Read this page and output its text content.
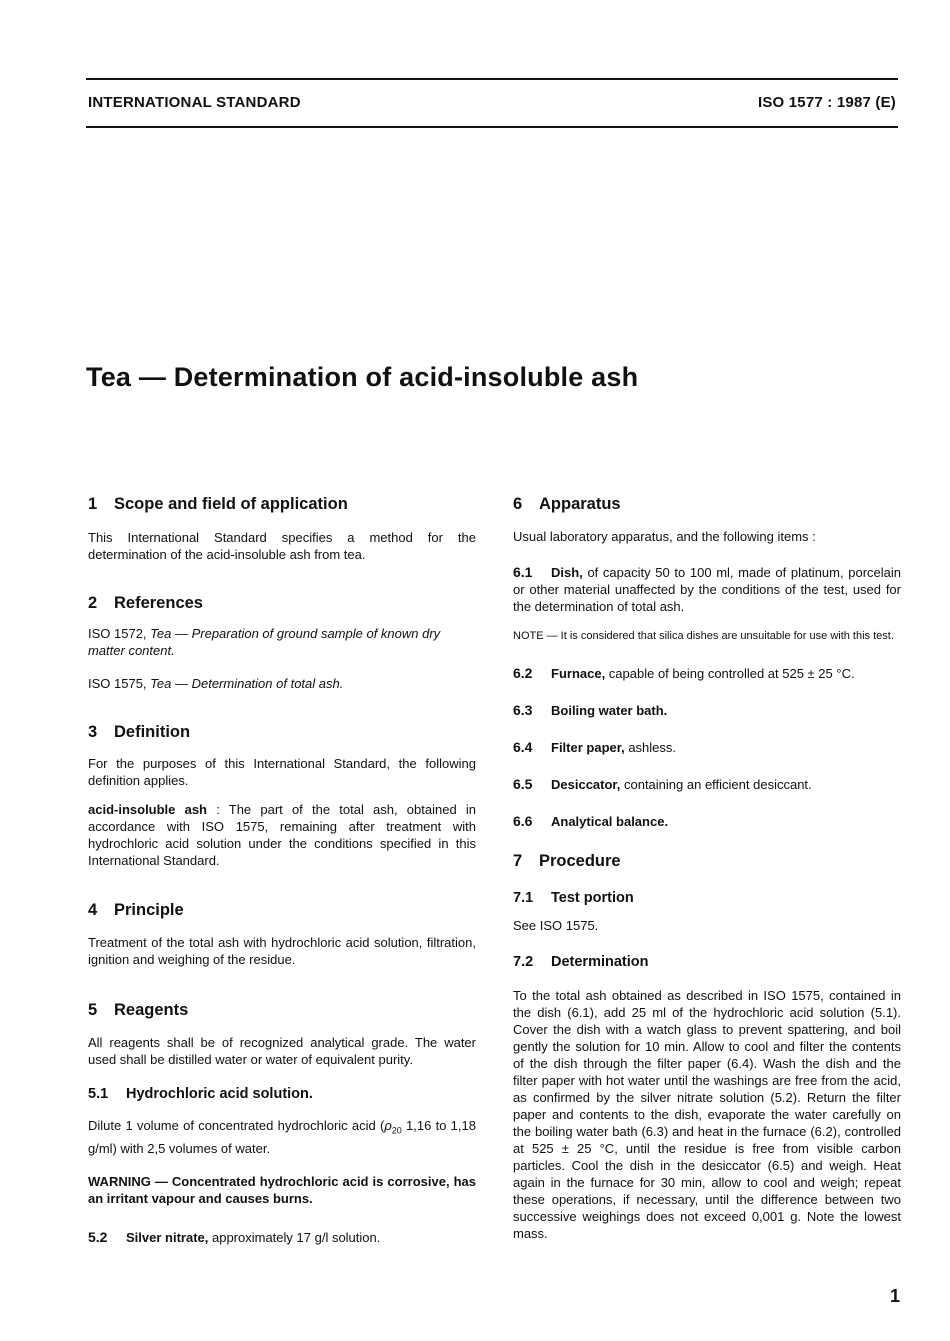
INTERNATIONAL STANDARD	ISO 1577 : 1987 (E)
Tea — Determination of acid-insoluble ash
1 Scope and field of application

This International Standard specifies a method for the determination of the acid-insoluble ash from tea.

2 References

ISO 1572, Tea — Preparation of ground sample of known dry matter content.

ISO 1575, Tea — Determination of total ash.

3 Definition

For the purposes of this International Standard, the following definition applies.

acid-insoluble ash : The part of the total ash, obtained in accordance with ISO 1575, remaining after treatment with hydrochloric acid solution under the conditions specified in this International Standard.

4 Principle

Treatment of the total ash with hydrochloric acid solution, filtration, ignition and weighing of the residue.

5 Reagents

All reagents shall be of recognized analytical grade. The water used shall be distilled water or water of equivalent purity.

5.1 Hydrochloric acid solution.

Dilute 1 volume of concentrated hydrochloric acid ($\rho_{20}$ 1,16 to 1,18 g/ml) with 2,5 volumes of water.

WARNING — Concentrated hydrochloric acid is corrosive, has an irritant vapour and causes burns.

5.2 Silver nitrate, approximately 17 g/l solution.

6 Apparatus

Usual laboratory apparatus, and the following items :

6.1 Dish, of capacity 50 to 100 ml, made of platinum, porcelain or other material unaffected by the conditions of the test, used for the determination of total ash.

NOTE — It is considered that silica dishes are unsuitable for use with this test.

6.2 Furnace, capable of being controlled at 525 ± 25 °C.

6.3 Boiling water bath.

6.4 Filter paper, ashless.

6.5 Desiccator, containing an efficient desiccant.

6.6 Analytical balance.

7 Procedure
7.1 Test portion

See ISO 1575.

7.2 Determination

To the total ash obtained as described in ISO 1575, contained in the dish (6.1), add 25 ml of the hydrochloric acid solution (5.1). Cover the dish with a watch glass to prevent spattering, and boil gently the solution for 10 min. Allow to cool and filter the contents of the dish through the filter paper (6.4). Wash the dish and the filter paper with hot water until the washings are free from the acid, as confirmed by the silver nitrate solution (5.2). Return the filter paper and contents to the dish, evaporate the water carefully on the boiling water bath (6.3) and heat in the furnace (6.2), controlled at 525 ± 25 °C, until the residue is free from visible carbon particles. Cool the dish in the desiccator (6.5) and weigh. Heat again in the furnace for 30 min, allow to cool and weigh; repeat these operations, if necessary, until the difference between two successive weighings does not exceed 0,001 g. Note the lowest mass.

1
